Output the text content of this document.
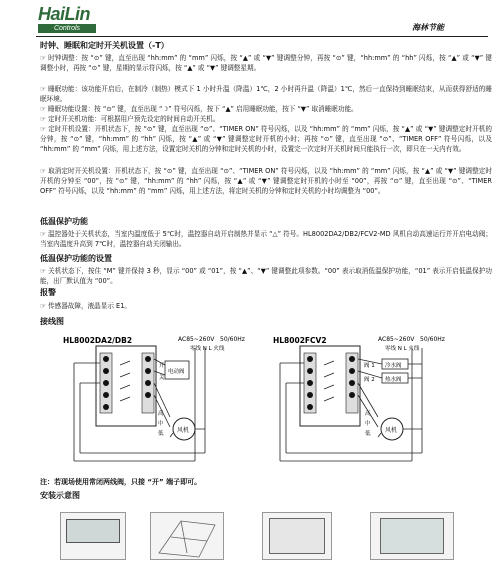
HaiLin
Controls	海林节能
时钟、睡眠和定时开关机设置（-T）
☞ 时钟调整：按 “⊙” 键，直至出现 “hh:mm” 的 “mm” 闪烁，按 “▲” 或 “▼” 键调整分钟，再按 “⊙” 键，“hh:mm” 的 “hh” 闪烁，按 “▲” 或 “▼” 键调整小时，再按 “⊙” 键，星期的显示符闪烁，按 “▲” 或 “▼” 键调整星期。
☞ 睡眠功能：该功能开启后，在制冷（制热）模式下 1 小时升温（降温）1℃，2 小时再升温（降温）1℃，然后一直保持到睡眠结束，从而获得舒适的睡眠环境。
☞ 睡眠功能设置：按 “⊙” 键，直至出现 “☽” 符号闪烁，按下 “▲” 启用睡眠功能，按下 “▼” 取消睡眠功能。
☞ 定时开关机功能：可根据用户预先设定的时间自动开关机。
☞ 定时开机设置：开机状态下，按 “⊙” 键，直至出现 “⊙”、“TIMER ON” 符号闪烁，以及 “hh:mm” 的 “mm” 闪烁，按 “▲” 或 “▼” 键调整定时开机的分钟，按 “⊙” 键，“hh:mm” 的 “hh” 闪烁，按 “▲” 或 “▼” 键调整定时开机的小时；再按 “⊙” 键，直至出现 “⊙”、“TIMER OFF” 符号闪烁，以及 “hh:mm” 的 “mm” 闪烁，用上述方法，设置定时关机的分钟和定时关机的小时，设置完一次定时开关机时间只能执行一次，即只在一天内有效。
☞ 取消定时开关机设置：开机状态下，按 “⊙” 键，直至出现 “⊙”、“TIMER ON” 符号闪烁，以及 “hh:mm” 的 “mm” 闪烁，按 “▲” 或 “▼” 键调整定时开机的分钟至 “00”，按 “⊙” 键，“hh:mm” 的 “hh” 闪烁，按 “▲” 或 “▼” 键调整定时开机的小时至 “00”，再按 “⊙” 键，直至出现 “⊙”、“TIMER OFF” 符号闪烁，以及 “hh:mm” 的 “mm” 闪烁，用上述方法，将定时关机的分钟和定时关机的小时均调整为 “00”。
低温保护功能
☞ 温控器处于关机状态，当室内温度低于 5℃时，温控器自动开启制热并显示 “△” 符号。HL8002DA2/DB2/FCV2-MD 风机自动高速运行并开启电动阀；当室内温度升高到 7℃时，温控器自动关闭输出。
低温保护功能的设置
☞ 关机状态下，按住 “M” 键并保持 3 秒，显示 “00” 或 “01”，按 “▲”、“▼” 键调整此项参数。“00” 表示取消低温保护功能，“01” 表示开启低温保护功能，出厂默认值为 “00”。
报警
☞ 传感器故障，液晶显示 E1。
接线图
HL8002DA2/DB2	AC85~260V 50/60Hz
零线 N L 火线
开
电动阀
关
高
中
低 风机
HL8002FCV2	AC85~260V 50/60Hz
零线 N L 火线
阀 1 冷水阀
阀 2 热水阀
高
中
低 风机
注：若现场使用常闭两线阀，只接 “开” 端子即可。
安装示意图
